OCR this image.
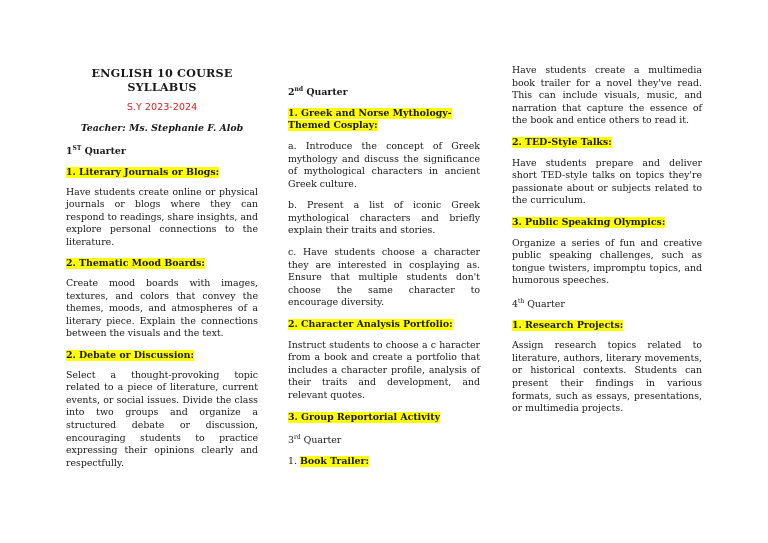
ENGLISH 10 COURSE
SYLLABUS
S.Y 2023-2024
Teacher: Ms. Stephanie F. Alob
1ST Quarter
1. Literary Journals or Blogs:

Have students create online or physical journals or blogs where they can respond to readings, share insights, and explore personal connections to the literature.

2. Thematic Mood Boards:

Create mood boards with images, textures, and colors that convey the themes, moods, and atmospheres of a literary piece. Explain the connections between the visuals and the text.

2. Debate or Discussion:

Select a thought-provoking topic related to a piece of literature, current events, or social issues. Divide the class into two groups and organize a structured debate or discussion, encouraging students to practice expressing their opinions clearly and respectfully.

2nd Quarter
1. Greek and Norse Mythology-Themed Cosplay:

a. Introduce the concept of Greek mythology and discuss the significance of mythological characters in ancient Greek culture.

b. Present a list of iconic Greek mythological characters and briefly explain their traits and stories.

c. Have students choose a character they are interested in cosplaying as. Ensure that multiple students don't choose the same character to encourage diversity.

2. Character Analysis Portfolio:

Instruct students to choose a c haracter from a book and create a portfolio that includes a character profile, analysis of their traits and development, and relevant quotes.

3. Group Reportorial Activity
3rd Quarter
1. Book Trailer:

Have students create a multimedia book trailer for a novel they've read. This can include visuals, music, and narration that capture the essence of the book and entice others to read it.

2. TED-Style Talks:

Have students prepare and deliver short TED-style talks on topics they're passionate about or subjects related to the curriculum.

3. Public Speaking Olympics:

Organize a series of fun and creative public speaking challenges, such as tongue twisters, impromptu topics, and humorous speeches.

4th Quarter
1. Research Projects:

Assign research topics related to literature, authors, literary movements, or historical contexts. Students can present their findings in various formats, such as essays, presentations, or multimedia projects.
